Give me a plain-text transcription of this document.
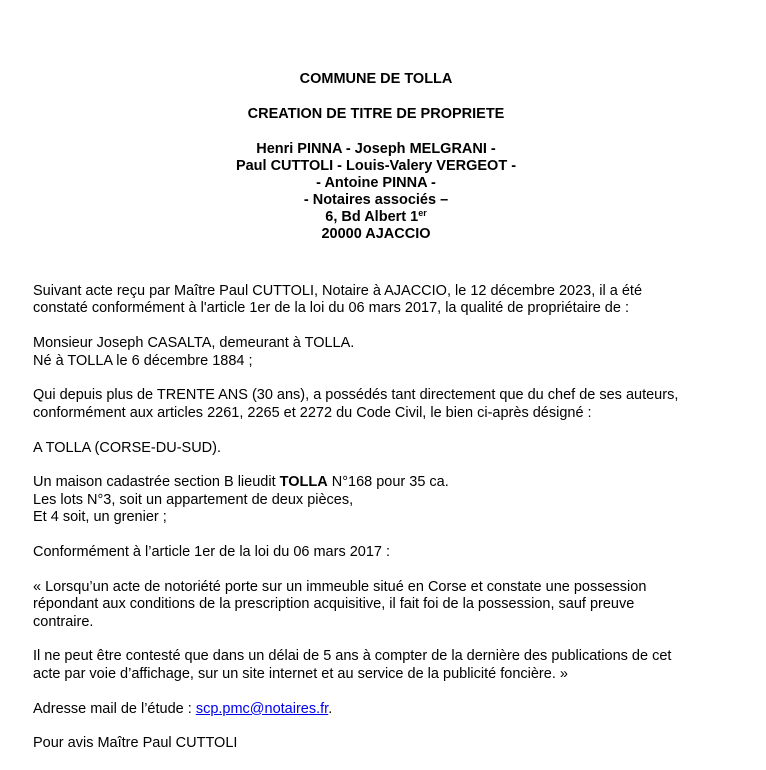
COMMUNE DE TOLLA
CREATION DE TITRE DE PROPRIETE
Henri PINNA - Joseph MELGRANI -
Paul CUTTOLI - Louis-Valery VERGEOT -
- Antoine PINNA -
- Notaires associés –
6, Bd Albert 1er
20000 AJACCIO

Suivant acte reçu par Maître Paul CUTTOLI, Notaire à AJACCIO, le 12 décembre 2023, il a été
constaté conformément à l'article 1er de la loi du 06 mars 2017, la qualité de propriétaire de :

Monsieur Joseph CASALTA, demeurant à TOLLA.
Né à TOLLA le 6 décembre 1884 ;

Qui depuis plus de TRENTE ANS (30 ans), a possédés tant directement que du chef de ses auteurs,
conformément aux articles 2261, 2265 et 2272 du Code Civil, le bien ci-après désigné :

A TOLLA (CORSE-DU-SUD).

Un maison cadastrée section B lieudit TOLLA N°168 pour 35 ca.
Les lots N°3, soit un appartement de deux pièces,
Et 4 soit, un grenier ;

Conformément à l’article 1er de la loi du 06 mars 2017 :

« Lorsqu’un acte de notoriété porte sur un immeuble situé en Corse et constate une possession
répondant aux conditions de la prescription acquisitive, il fait foi de la possession, sauf preuve
contraire.

Il ne peut être contesté que dans un délai de 5 ans à compter de la dernière des publications de cet
acte par voie d’affichage, sur un site internet et au service de la publicité foncière. »

Adresse mail de l’étude : scp.pmc@notaires.fr.

Pour avis Maître Paul CUTTOLI
